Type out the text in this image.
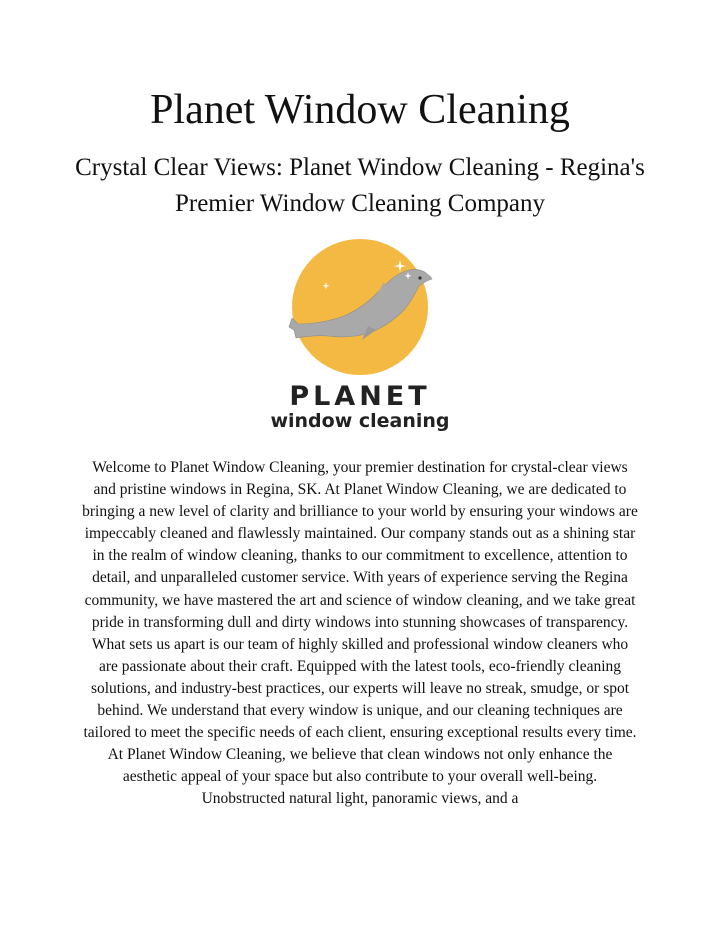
Planet Window Cleaning
Crystal Clear Views: Planet Window Cleaning - Regina's Premier Window Cleaning Company
PLANET
window cleaning

Welcome to Planet Window Cleaning, your premier destination for crystal-clear views and pristine windows in Regina, SK. At Planet Window Cleaning, we are dedicated to bringing a new level of clarity and brilliance to your world by ensuring your windows are impeccably cleaned and flawlessly maintained. Our company stands out as a shining star in the realm of window cleaning, thanks to our commitment to excellence, attention to detail, and unparalleled customer service. With years of experience serving the Regina community, we have mastered the art and science of window cleaning, and we take great pride in transforming dull and dirty windows into stunning showcases of transparency. What sets us apart is our team of highly skilled and professional window cleaners who are passionate about their craft. Equipped with the latest tools, eco-friendly cleaning solutions, and industry-best practices, our experts will leave no streak, smudge, or spot behind. We understand that every window is unique, and our cleaning techniques are tailored to meet the specific needs of each client, ensuring exceptional results every time. At Planet Window Cleaning, we believe that clean windows not only enhance the aesthetic appeal of your space but also contribute to your overall well-being. Unobstructed natural light, panoramic views, and a
